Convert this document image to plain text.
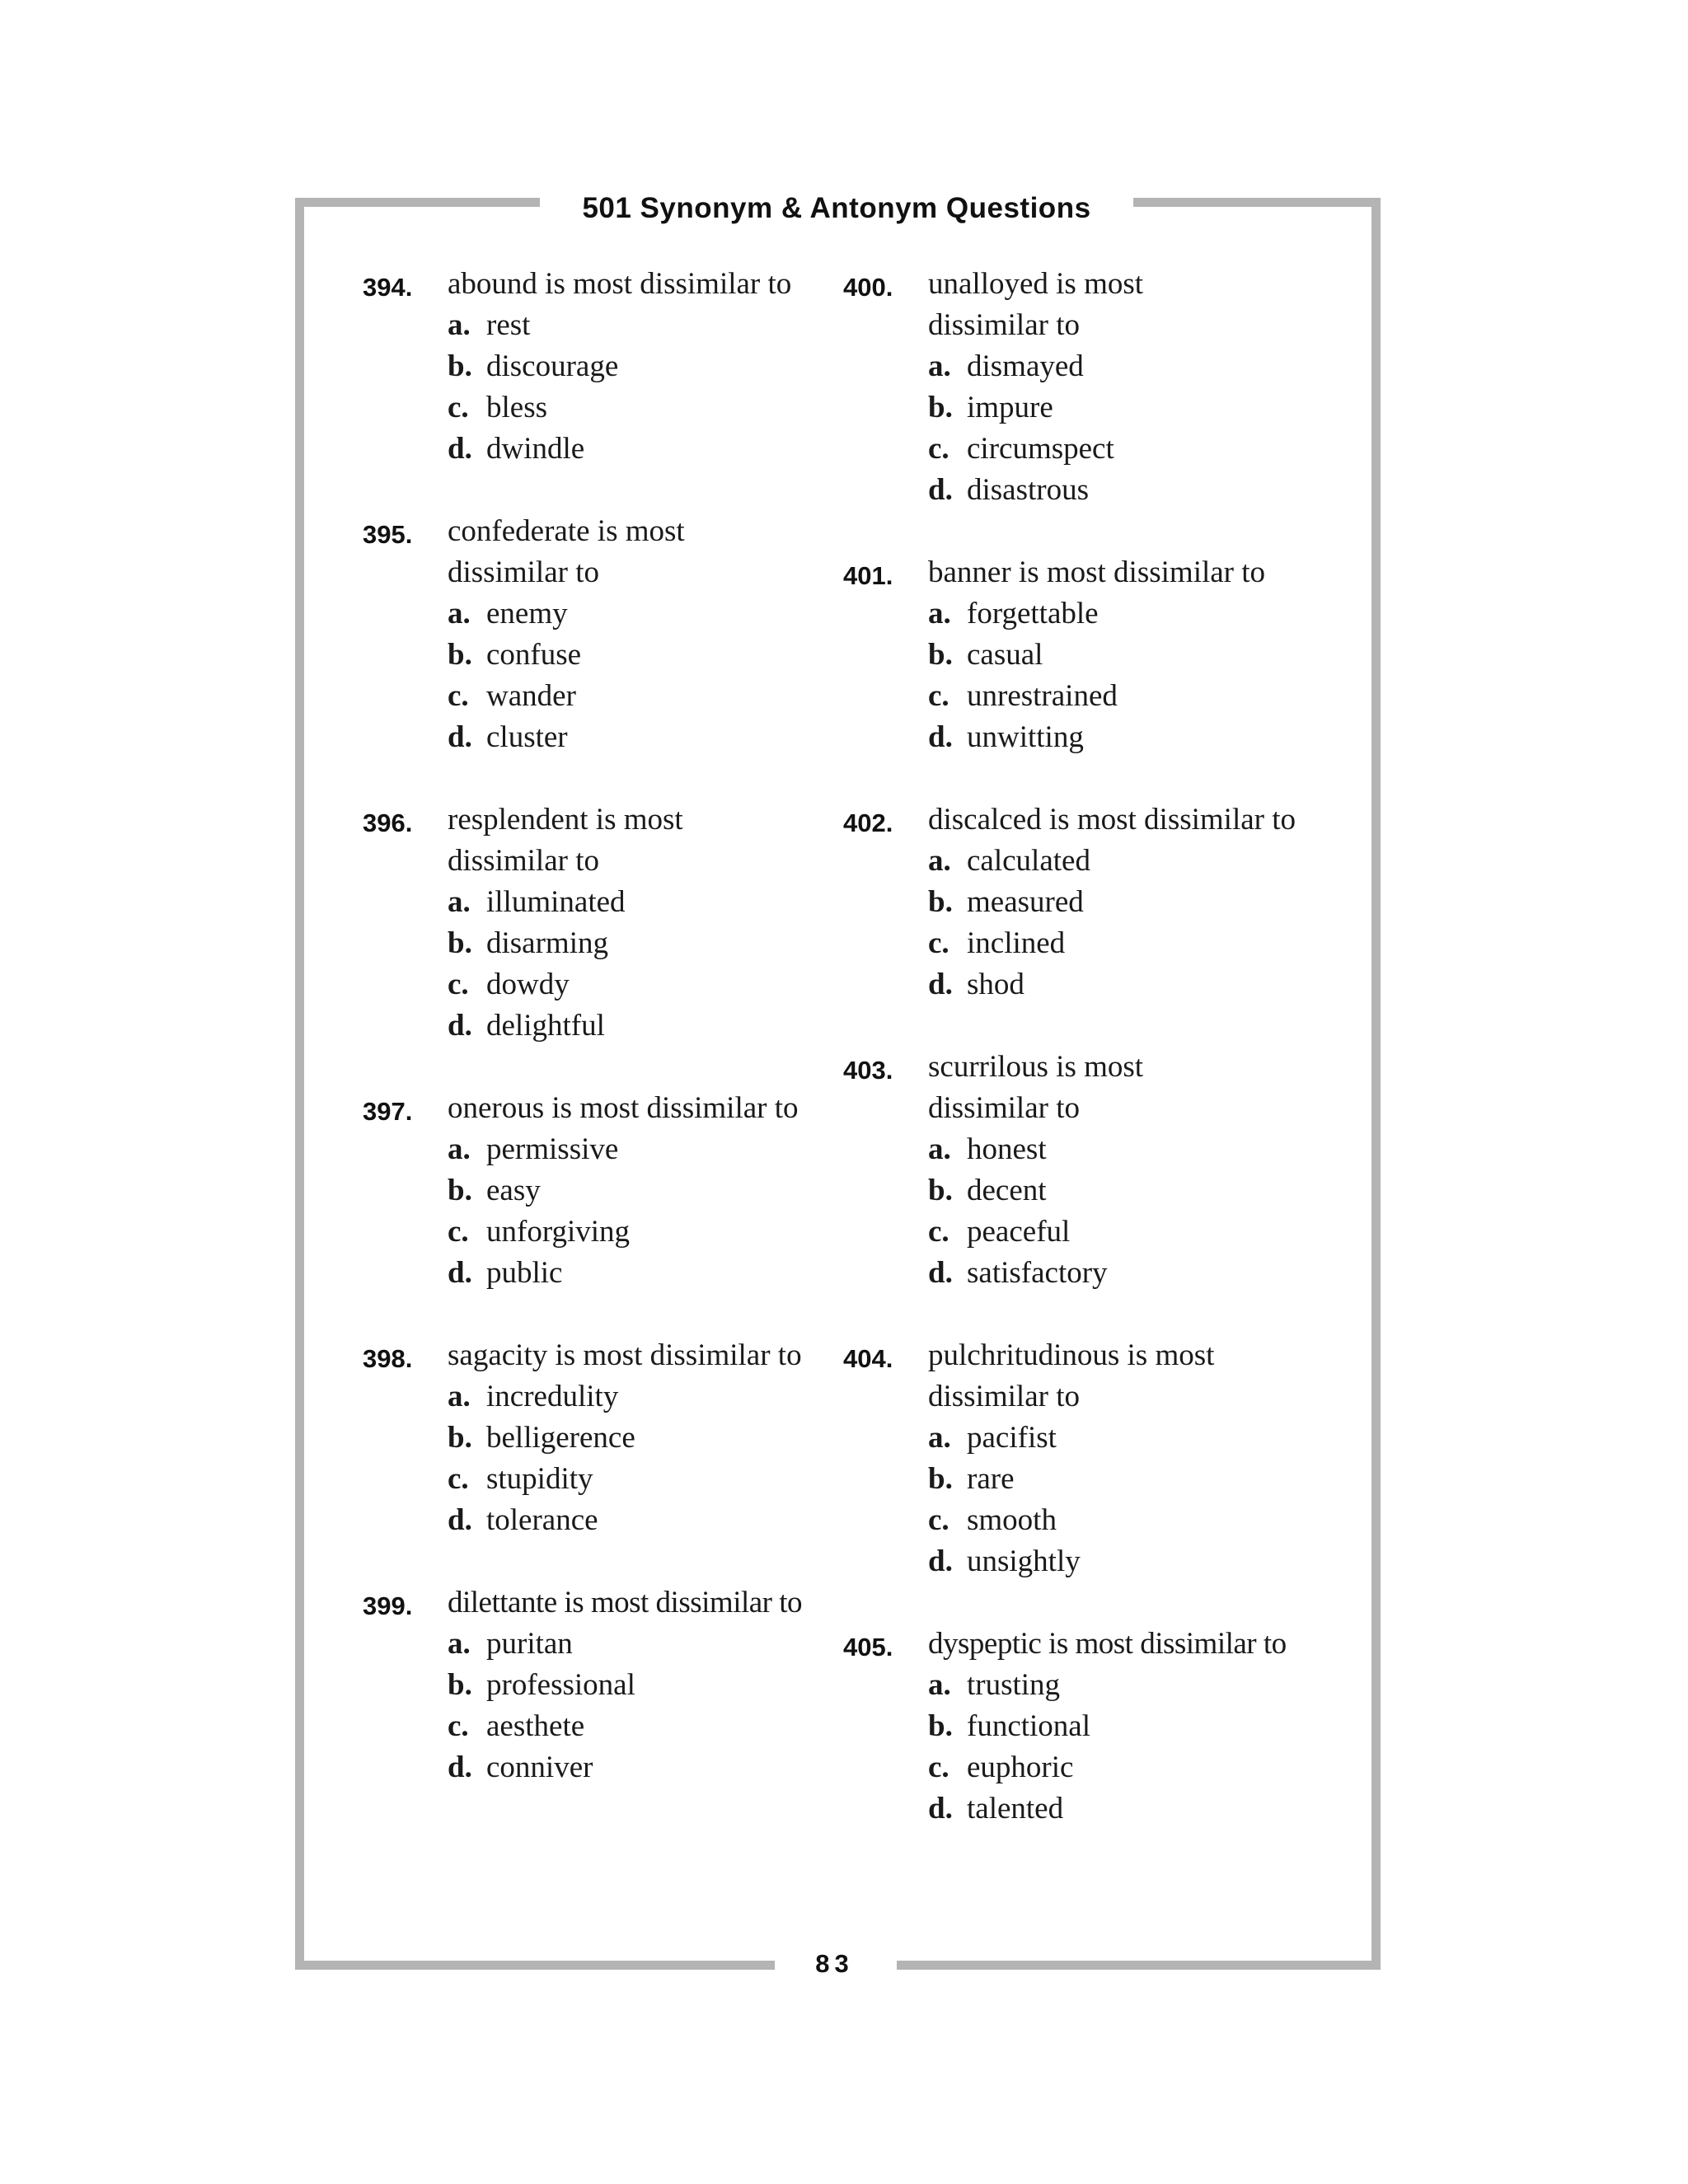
501 Synonym & Antonym Questions
394. abound is most dissimilar to
a. rest
b. discourage
c. bless
d. dwindle
395. confederate is most dissimilar to
a. enemy
b. confuse
c. wander
d. cluster
396. resplendent is most dissimilar to
a. illuminated
b. disarming
c. dowdy
d. delightful
397. onerous is most dissimilar to
a. permissive
b. easy
c. unforgiving
d. public
398. sagacity is most dissimilar to
a. incredulity
b. belligerence
c. stupidity
d. tolerance
399. dilettante is most dissimilar to
a. puritan
b. professional
c. aesthete
d. conniver
400. unalloyed is most dissimilar to
a. dismayed
b. impure
c. circumspect
d. disastrous
401. banner is most dissimilar to
a. forgettable
b. casual
c. unrestrained
d. unwitting
402. discalced is most dissimilar to
a. calculated
b. measured
c. inclined
d. shod
403. scurrilous is most dissimilar to
a. honest
b. decent
c. peaceful
d. satisfactory
404. pulchritudinous is most dissimilar to
a. pacifist
b. rare
c. smooth
d. unsightly
405. dyspeptic is most dissimilar to
a. trusting
b. functional
c. euphoric
d. talented
83
